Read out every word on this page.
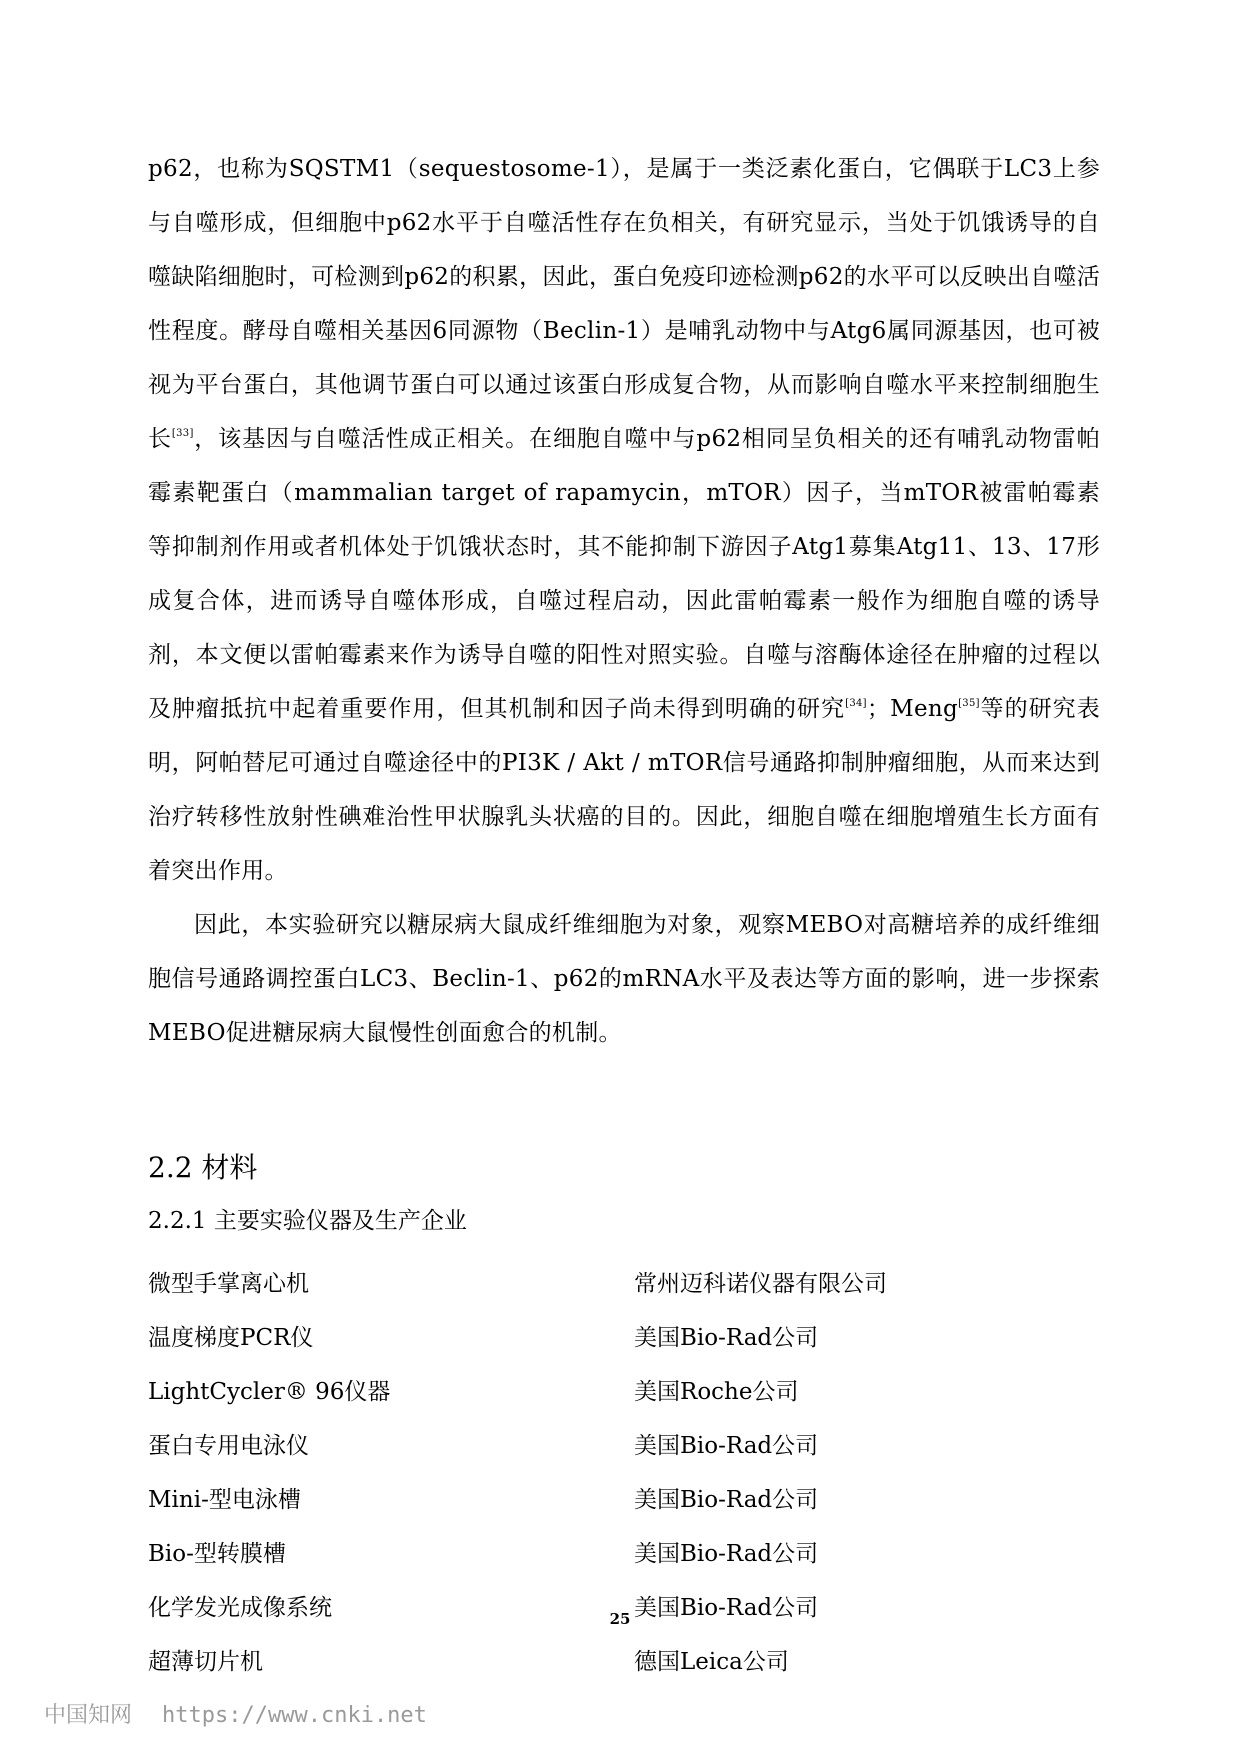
p62，也称为SQSTM1（sequestosome-1），是属于一类泛素化蛋白，它偶联于LC3上参与自噬形成，但细胞中p62水平于自噬活性存在负相关，有研究显示，当处于饥饿诱导的自噬缺陷细胞时，可检测到p62的积累，因此，蛋白免疫印迹检测p62的水平可以反映出自噬活性程度。酵母自噬相关基因6同源物（Beclin-1）是哺乳动物中与Atg6属同源基因，也可被视为平台蛋白，其他调节蛋白可以通过该蛋白形成复合物，从而影响自噬水平来控制细胞生长[33]，该基因与自噬活性成正相关。在细胞自噬中与p62相同呈负相关的还有哺乳动物雷帕霉素靶蛋白（mammalian target of rapamycin，mTOR）因子，当mTOR被雷帕霉素等抑制剂作用或者机体处于饥饿状态时，其不能抑制下游因子Atg1募集Atg11、13、17形成复合体，进而诱导自噬体形成，自噬过程启动，因此雷帕霉素一般作为细胞自噬的诱导剂，本文便以雷帕霉素来作为诱导自噬的阳性对照实验。自噬与溶酶体途径在肿瘤的过程以及肿瘤抵抗中起着重要作用，但其机制和因子尚未得到明确的研究[34]；Meng[35]等的研究表明，阿帕替尼可通过自噬途径中的PI3K / Akt / mTOR信号通路抑制肿瘤细胞，从而来达到治疗转移性放射性碘难治性甲状腺乳头状癌的目的。因此，细胞自噬在细胞增殖生长方面有着突出作用。

因此，本实验研究以糖尿病大鼠成纤维细胞为对象，观察MEBO对高糖培养的成纤维细胞信号通路调控蛋白LC3、Beclin-1、p62的mRNA水平及表达等方面的影响，进一步探索MEBO促进糖尿病大鼠慢性创面愈合的机制。

2.2 材料
2.2.1 主要实验仪器及生产企业
微型手掌离心机	常州迈科诺仪器有限公司
温度梯度PCR仪	美国Bio-Rad公司
LightCycler® 96仪器	美国Roche公司
蛋白专用电泳仪	美国Bio-Rad公司
Mini-型电泳槽	美国Bio-Rad公司
Bio-型转膜槽	美国Bio-Rad公司
化学发光成像系统	美国Bio-Rad公司
超薄切片机	德国Leica公司
25
中国知网 https://www.cnki.net
